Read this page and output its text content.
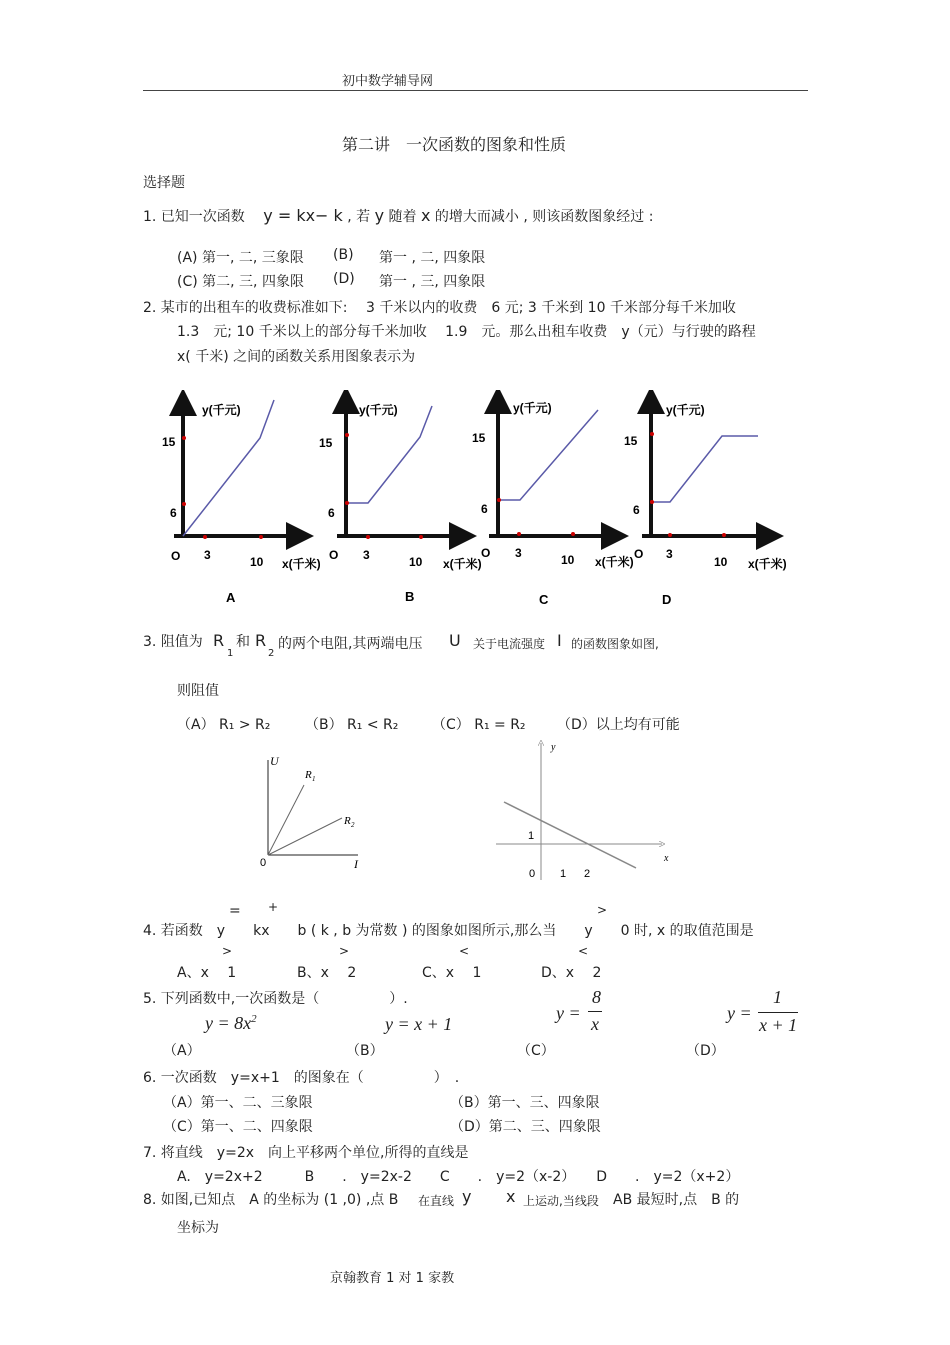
初中数学辅导网
第二讲　一次函数的图象和性质
选择题
1. 已知一次函数 y = kx− k , 若 y 随着 x 的增大而减小 , 则该函数图象经过 :
(A) 第一, 二, 三象限 (B) 第一 , 二, 四象限
(C) 第二, 三, 四象限 (D) 第一 , 三, 四象限
2. 某市的出租车的收费标准如下:　 3 千米以内的收费　6 元; 3 千米到 10 千米部分每千米加收
1.3　元; 10 千米以上的部分每千米加收　 1.9　元。那么出租车收费　y（元）与行驶的路程
x( 千米) 之间的函数关系用图象表示为
y(千元)
15
6
O 3	10 x(千米)
A
y(千元)
15
6
O 3	10 x(千米)
B
y(千元)
15
6
O 3	10 x(千米)
C
y(千元)
15
6
O 3
10 x(千米)
D
3. 阻值为 R
1
和 R
2
的两个电阻,其两端电压 U 关于电流强度 I 的函数图象如图,
则阻值
（A） R₁ > R₂ （B） R₁ < R₂ （C） R₁ = R₂ （D）以上均有可能
U
R 1
R 2
0	I
y
x
1
0 1 2
= +	>
4. 若函数　y　　kx　　b ( k , b 为常数 ) 的图象如图所示,那么当　　y　　0 时, x 的取值范围是
>	>	<	<
A、x　 1	B、x　 2	C、x　 1	D、x　 2
5. 下列函数中,一次函数是（　　　　　）.
$y = 8x^2$	y = x + 1
y =
8
x
y =
1
x + 1
（A）	（B）	（C）	（D）
6. 一次函数　y=x+1　的图象在（　　　　　）　.
（A）第一、二、三象限	（B）第一、三、四象限
（C）第一、二、四象限	（D）第二、三、四象限
7. 将直线　y=2x　向上平移两个单位,所得的直线是
A.　y=2x+2　　　B　　.　y=2x-2　　C　　.　y=2（x-2）　　D　　.　y=2（x+2）
8. 如图,已知点　A 的坐标为 (1 ,0) ,点 B 在直线 y x 上运动,当线段 AB 最短时,点　B 的
坐标为
京翰教育 1 对 1 家教
